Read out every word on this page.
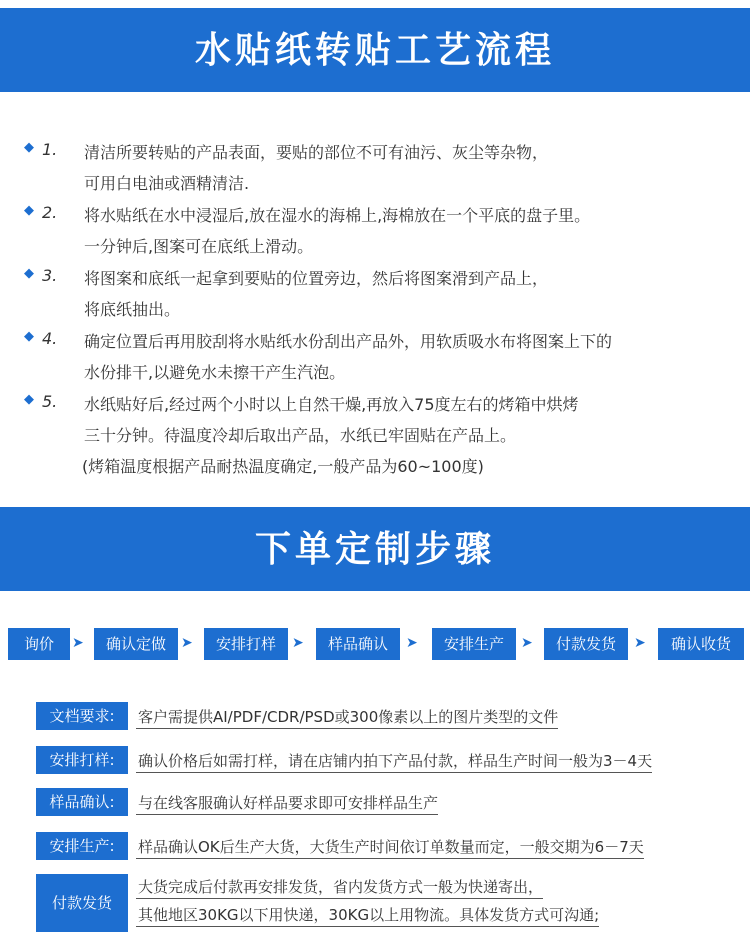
水贴纸转贴工艺流程
◆ 1. 清洁所要转贴的产品表面，要贴的部位不可有油污、灰尘等杂物，
可用白电油或酒精清洁.
◆ 2. 将水贴纸在水中浸湿后,放在湿水的海棉上,海棉放在一个平底的盘子里。
一分钟后,图案可在底纸上滑动。
◆ 3. 将图案和底纸一起拿到要贴的位置旁边，然后将图案滑到产品上，
将底纸抽出。
◆ 4. 确定位置后再用胶刮将水贴纸水份刮出产品外，用软质吸水布将图案上下的
水份排干,以避免水未擦干产生汽泡。
◆ 5. 水纸贴好后,经过两个小时以上自然干燥,再放入75度左右的烤箱中烘烤
三十分钟。待温度冷却后取出产品，水纸已牢固贴在产品上。
(烤箱温度根据产品耐热温度确定,一般产品为60~100度)
下单定制步骤
询价	➤	确认定做	➤	安排打样	➤	样品确认	➤	安排生产	➤	付款发货	➤	确认收货
文档要求:	客户需提供AI/PDF/CDR/PSD或300像素以上的图片类型的文件
安排打样:	确认价格后如需打样，请在店铺内拍下产品付款，样品生产时间一般为3－4天
样品确认:	与在线客服确认好样品要求即可安排样品生产
安排生产:	样品确认OK后生产大货，大货生产时间依订单数量而定，一般交期为6－7天
付款发货
大货完成后付款再安排发货，省内发货方式一般为快递寄出，
其他地区30KG以下用快递，30KG以上用物流。具体发货方式可沟通;
